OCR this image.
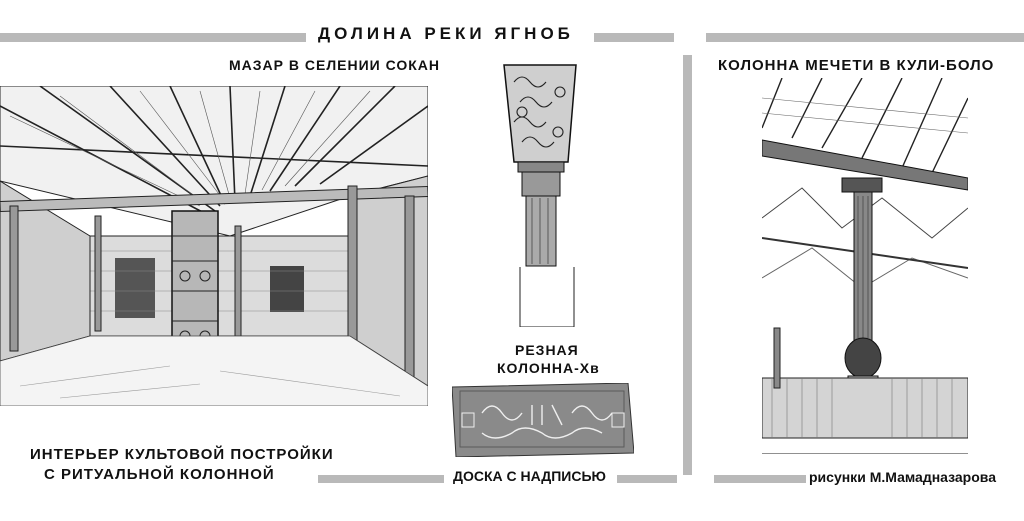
ДОЛИНА РЕКИ ЯГНОБ
МАЗАР В СЕЛЕНИИ СОКАН
ИНТЕРЬЕР КУЛЬТОВОЙ ПОСТРОЙКИ
С РИТУАЛЬНОЙ КОЛОННОЙ
РЕЗНАЯ
КОЛОННА-Хв
ДОСКА С НАДПИСЬЮ
КОЛОННА МЕЧЕТИ В КУЛИ-БОЛО
рисунки М.Мамадназарова
